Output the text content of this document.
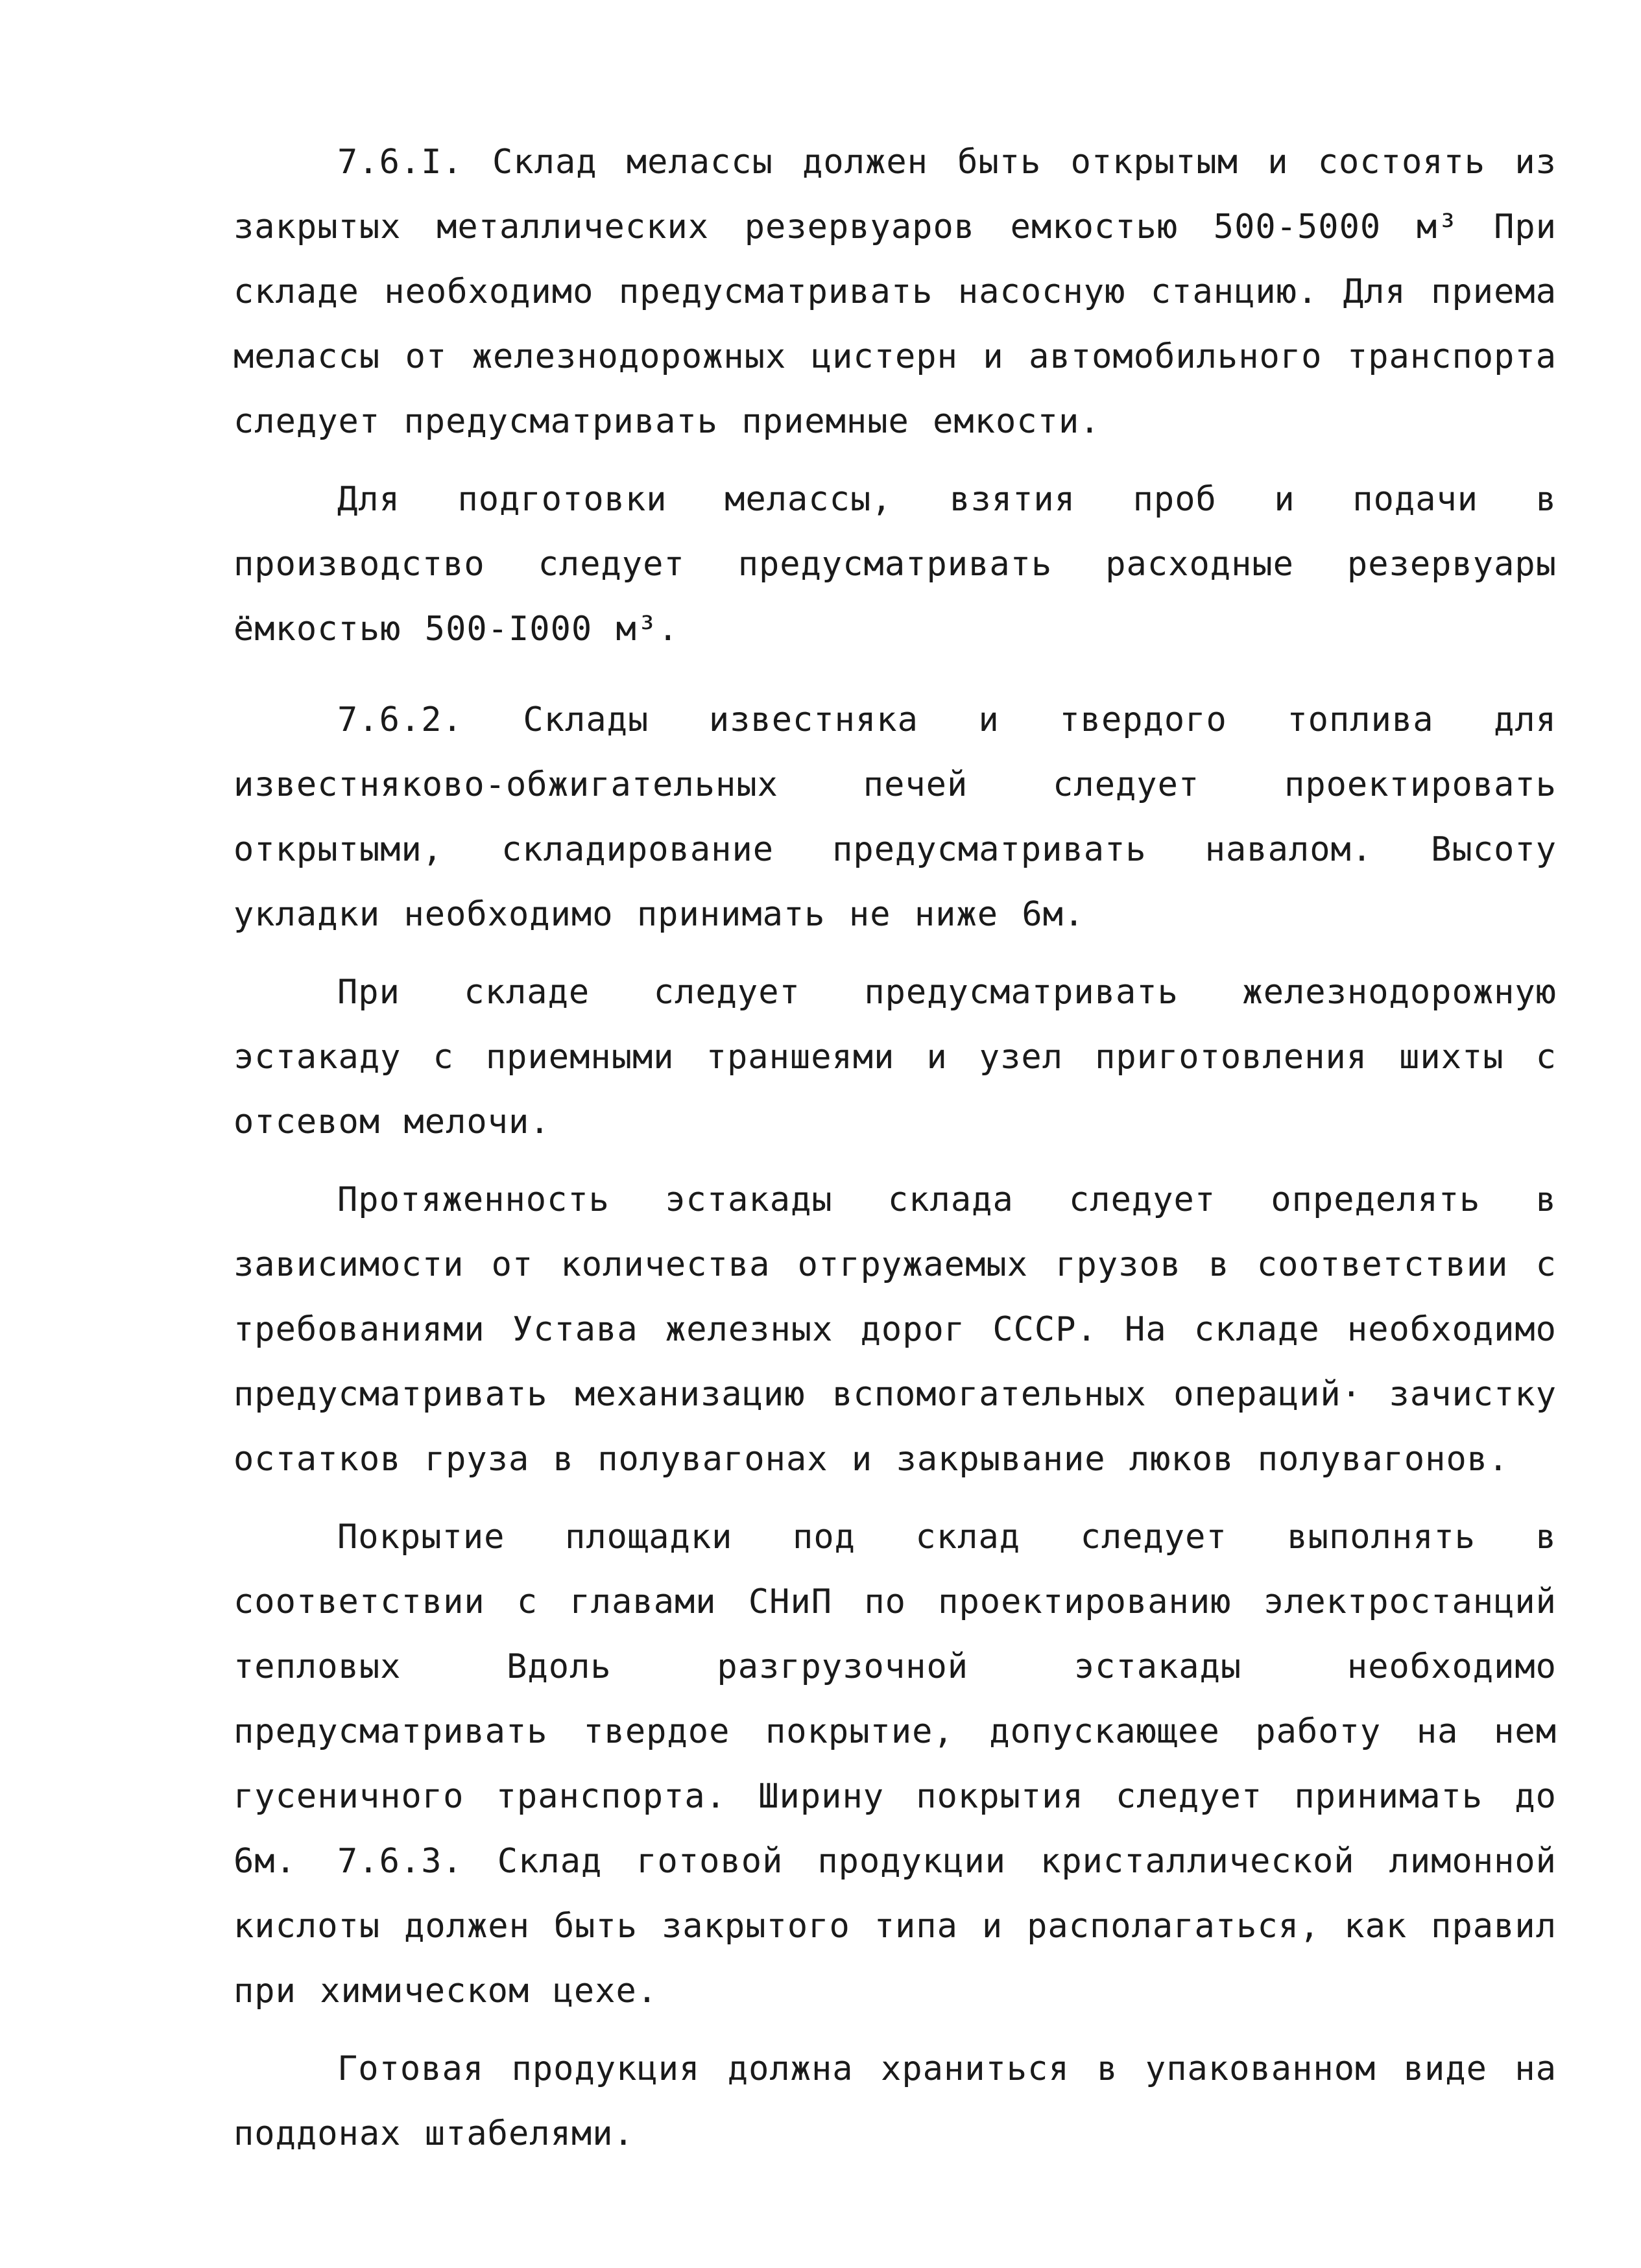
7.6.I. Склад мелассы должен быть открытым и состоять из закрытых металлических резервуаров емкостью 500-5000 м³ При складе необходимо предусматривать насосную станцию. Для приема мелассы от железнодорожных цистерн и автомобильного транспорта следует предусматривать приемные емкости.

Для подготовки мелассы, взятия проб и подачи в производство следует предусматривать расходные резервуары ёмкостью 500-I000 м³.

7.6.2. Склады известняка и твердого топлива для известняково-обжигательных печей следует проектировать открытыми, складирование предусматривать навалом. Высоту укладки необходимо принимать не ниже 6м.

При складе следует предусматривать железнодорожную эстакаду с приемными траншеями и узел приготовления шихты с отсевом мелочи.

Протяженность эстакады склада следует определять в зависимости от количества отгружаемых грузов в соответствии с требованиями Устава железных дорог СССР. На складе необходимо предусматривать механизацию вспомогательных операций· зачистку остатков груза в полувагонах и закрывание люков полувагонов.

Покрытие площадки под склад следует выполнять в соответствии с главами СНиП по проектированию электростанций тепловых Вдоль разгрузочной эстакады необходимо предусматривать твердое покрытие, допускающее работу на нем гусеничного транспорта. Ширину покрытия следует принимать до 6м.	7.6.3. Склад готовой продукции кристаллической лимонной кислоты должен быть закрытого типа и располагаться, как правил при химическом цехе.

Готовая продукция должна храниться в упакованном виде на поддонах штабелями.
